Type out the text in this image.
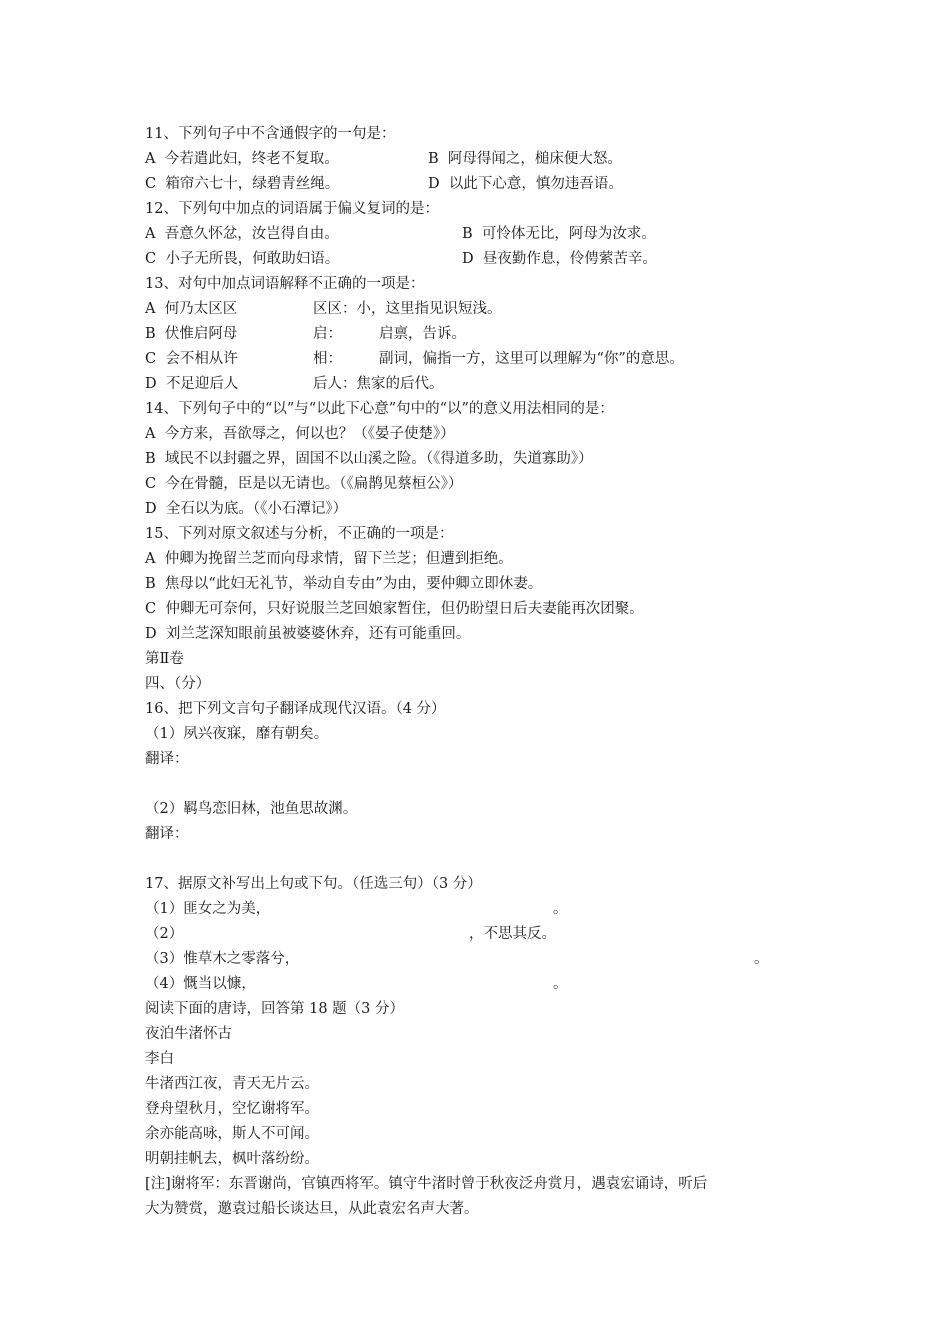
11、下列句子中不含通假字的一句是：
A  今若遣此妇，终老不复取。	B  阿母得闻之，槌床便大怒。
C  箱帘六七十，绿碧青丝绳。	D  以此下心意，慎勿违吾语。
12、下列句中加点的词语属于偏义复词的是：
A  吾意久怀忿，汝岂得自由。	B  可怜体无比，阿母为汝求。
C  小子无所畏，何敢助妇语。	D  昼夜勤作息，伶俜萦苦辛。
13、对句中加点词语解释不正确的一项是：
A  何乃太区区	区区：小，这里指见识短浅。
B  伏惟启阿母	启：	启禀，告诉。
C  会不相从许	相：	副词，偏指一方，这里可以理解为“你”的意思。
D  不足迎后人	后人：焦家的后代。
14、下列句子中的“以”与“以此下心意”句中的“以”的意义用法相同的是：
A  今方来，吾欲辱之，何以也？（《晏子使楚》）
B  域民不以封疆之界，固国不以山溪之险。（《得道多助，失道寡助》）
C  今在骨髓，臣是以无请也。（《扁鹊见蔡桓公》）
D  全石以为底。（《小石潭记》）
15、下列对原文叙述与分析，不正确的一项是：
A  仲卿为挽留兰芝而向母求情，留下兰芝；但遭到拒绝。
B  焦母以“此妇无礼节，举动自专由”为由，要仲卿立即休妻。
C  仲卿无可奈何，只好说服兰芝回娘家暂住，但仍盼望日后夫妻能再次团聚。
D  刘兰芝深知眼前虽被婆婆休弃，还有可能重回。
第Ⅱ卷
四、（分）
16、把下列文言句子翻译成现代汉语。（4 分）
（1）夙兴夜寐，靡有朝矣。
翻译：
（2）羁鸟恋旧林，池鱼思故渊。
翻译：
17、据原文补写出上句或下句。（任选三句）（3 分）
（1）匪女之为美，	。
（2）	，不思其反。
（3）惟草木之零落兮，	。
（4）慨当以慷，	。
阅读下面的唐诗，回答第 18 题（3 分）
夜泊牛渚怀古
李白
牛渚西江夜，青天无片云。
登舟望秋月，空忆谢将军。
余亦能高咏，斯人不可闻。
明朝挂帆去，枫叶落纷纷。
[注]谢将军：东晋谢尚，官镇西将军。镇守牛渚时曾于秋夜泛舟赏月，遇袁宏诵诗，听后
大为赞赏，邀袁过船长谈达旦，从此袁宏名声大著。
